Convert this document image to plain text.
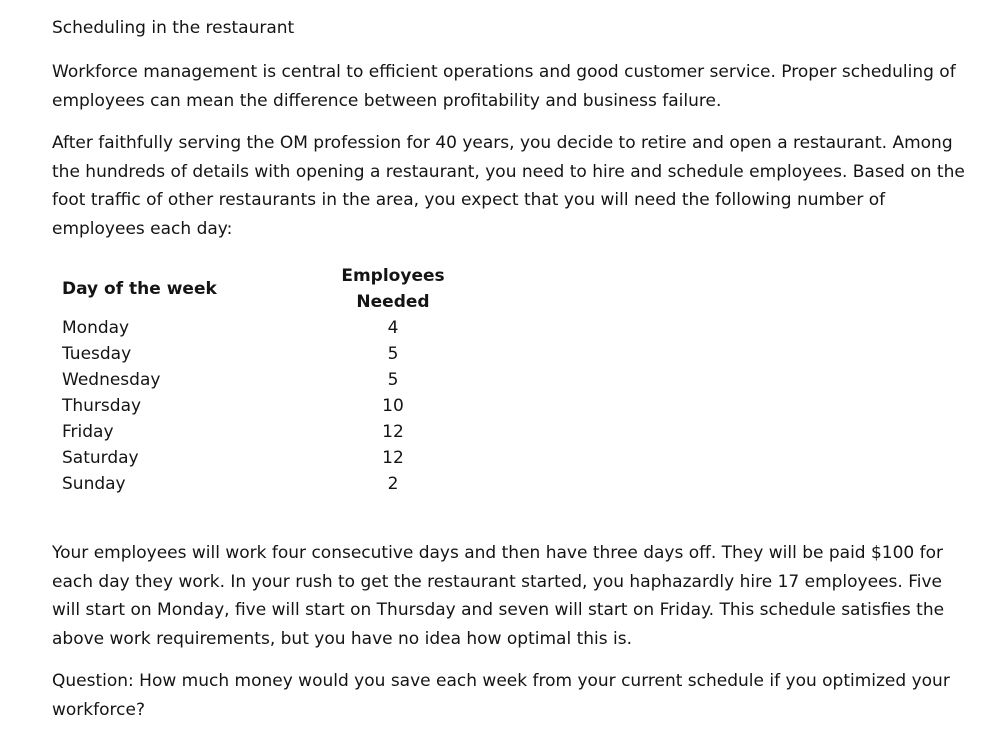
Scheduling in the restaurant

Workforce management is central to efficient operations and good customer service. Proper scheduling of employees can mean the difference between profitability and business failure.

After faithfully serving the OM profession for 40 years, you decide to retire and open a restaurant. Among the hundreds of details with opening a restaurant, you need to hire and schedule employees. Based on the foot traffic of other restaurants in the area, you expect that you will need the following number of employees each day:

Day of the week	Employees Needed
Monday	4
Tuesday	5
Wednesday	5
Thursday	10
Friday	12
Saturday	12
Sunday	2

Your employees will work four consecutive days and then have three days off. They will be paid $100 for each day they work. In your rush to get the restaurant started, you haphazardly hire 17 employees. Five will start on Monday, five will start on Thursday and seven will start on Friday. This schedule satisfies the above work requirements, but you have no idea how optimal this is.

Question: How much money would you save each week from your current schedule if you optimized your workforce?
